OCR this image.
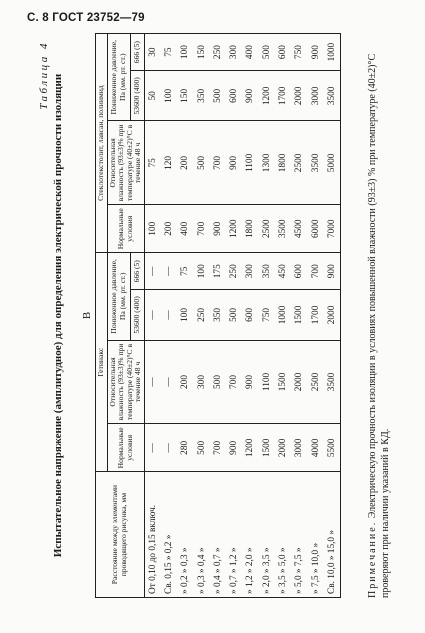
С. 8 ГОСТ 23752—79
Таблица 4 Испытательное напряжение (амплитудное) для определения электрической прочности изоляции В
Расстояние между элементами проводящего рисунка, мм	Гетинакс				Стеклотекстолит, лавсан, полиимид			
	Нормальные условия	Относительная влажность (93±3)% при температуре (40±2)°С в течение 48 ч	Пониженное давление, Па (мм. рт. ст.)		Нормальные условия	Относительная влажность (93±3)% при температуре (40±2)°С в течение 48 ч	Пониженное давление, Па (мм. рт. ст.)	
			53600 (400)	666 (5)			53600 (400)	666 (5)
От 0,10 до 0,15 включ.	—	—	—	—	100	75	50	30
Св. 0,15 » 0,2 »	—	—	—	—	200	120	100	75
» 0,2 » 0,3 »	280	200	100	75	400	200	150	100
» 0,3 » 0,4 »	500	300	250	100	700	500	350	150
» 0,4 » 0,7 »	700	500	350	175	900	700	500	250
» 0,7 » 1,2 »	900	700	500	250	1200	900	600	300
» 1,2 » 2,0 »	1200	900	600	300	1800	1100	900	400
» 2,0 » 3,5 »	1500	1100	750	350	2500	1300	1200	500
» 3,5 » 5,0 »	2000	1500	1000	450	3500	1800	1700	600
» 5,0 » 7,5 »	3000	2000	1500	600	4500	2500	2000	750
» 7,5 » 10,0 »	4000	2500	1700	700	6000	3500	3000	900
Св. 10,0 » 15,0 »	5500	3500	2000	900	7000	5000	3500	1000
Примечание. Электрическую прочность изоляции в условиях повышенной влажности (93±3) % при температуре (40±2)°С проверяют при наличии указаний в КД.
